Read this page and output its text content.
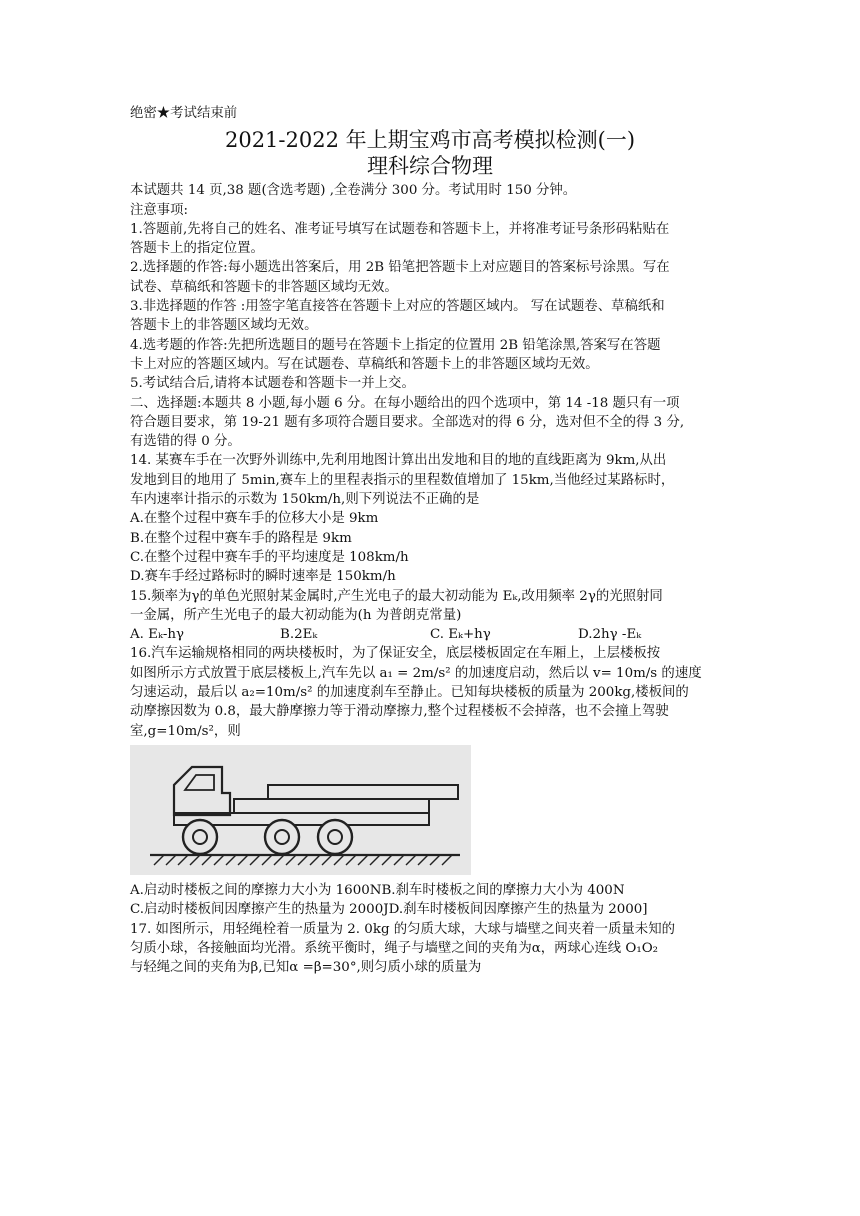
绝密★考试结束前
2021-2022 年上期宝鸡市高考模拟检测(一)
理科综合物理
本试题共 14 页,38 题(含选考题) ,全卷满分 300 分。考试用时 150 分钟。
注意事项:
1.答题前,先将自己的姓名、准考证号填写在试题卷和答题卡上，并将准考证号条形码粘贴在
答题卡上的指定位置。
2.选择题的作答:每小题选出答案后，用 2B 铅笔把答题卡上对应题目的答案标号涂黑。写在
试卷、草稿纸和答题卡的非答题区域均无效。
3.非选择题的作答 :用签字笔直接答在答题卡上对应的答题区域内。 写在试题卷、草稿纸和
答题卡上的非答题区域均无效。
4.选考题的作答:先把所选题目的题号在答题卡上指定的位置用 2B 铅笔涂黑,答案写在答题
卡上对应的答题区域内。写在试题卷、草稿纸和答题卡上的非答题区域均无效。
5.考试结合后,请将本试题卷和答题卡一并上交。
二、选择题:本题共 8 小题,每小题 6 分。在每小题给出的四个选项中，第 14 -18 题只有一项
符合题目要求，第 19-21 题有多项符合题目要求。全部选对的得 6 分，选对但不全的得 3 分,
有选错的得 0 分。
14. 某赛车手在一次野外训练中,先利用地图计算出出发地和目的地的直线距离为 9km,从出
发地到目的地用了 5min,赛车上的里程表指示的里程数值增加了 15km,当他经过某路标时，
车内速率计指示的示数为 150km/h,则下列说法不正确的是
A.在整个过程中赛车手的位移大小是 9km
B.在整个过程中赛车手的路程是 9km
C.在整个过程中赛车手的平均速度是 108km/h
D.赛车手经过路标时的瞬时速率是 150km/h
15.频率为γ的单色光照射某金属时,产生光电子的最大初动能为 Eₖ,改用频率 2γ的光照射同
一金属，所产生光电子的最大初动能为(h 为普朗克常量)
A. Eₖ-hγ	B.2Eₖ	C. Eₖ+hγ	D.2hγ -Eₖ
16.汽车运输规格相同的两块楼板时，为了保证安全，底层楼板固定在车厢上，上层楼板按
如图所示方式放置于底层楼板上,汽车先以 a₁ = 2m/s² 的加速度启动，然后以 v= 10m/s 的速度
匀速运动，最后以 a₂=10m/s² 的加速度刹车至静止。已知每块楼板的质量为 200kg,楼板间的
动摩擦因数为 0.8，最大静摩擦力等于滑动摩擦力,整个过程楼板不会掉落，也不会撞上驾驶
室,g=10m/s²，则
A.启动时楼板之间的摩擦力大小为 1600NB.刹车时楼板之间的摩擦力大小为 400N
C.启动时楼板间因摩擦产生的热量为 2000JD.刹车时楼板间因摩擦产生的热量为 2000]
17. 如图所示，用轻绳栓着一质量为 2. 0kg 的匀质大球，大球与墙壁之间夹着一质量未知的
匀质小球，各接触面均光滑。系统平衡时，绳子与墙壁之间的夹角为α，两球心连线 O₁O₂
与轻绳之间的夹角为β,已知α =β=30°,则匀质小球的质量为
